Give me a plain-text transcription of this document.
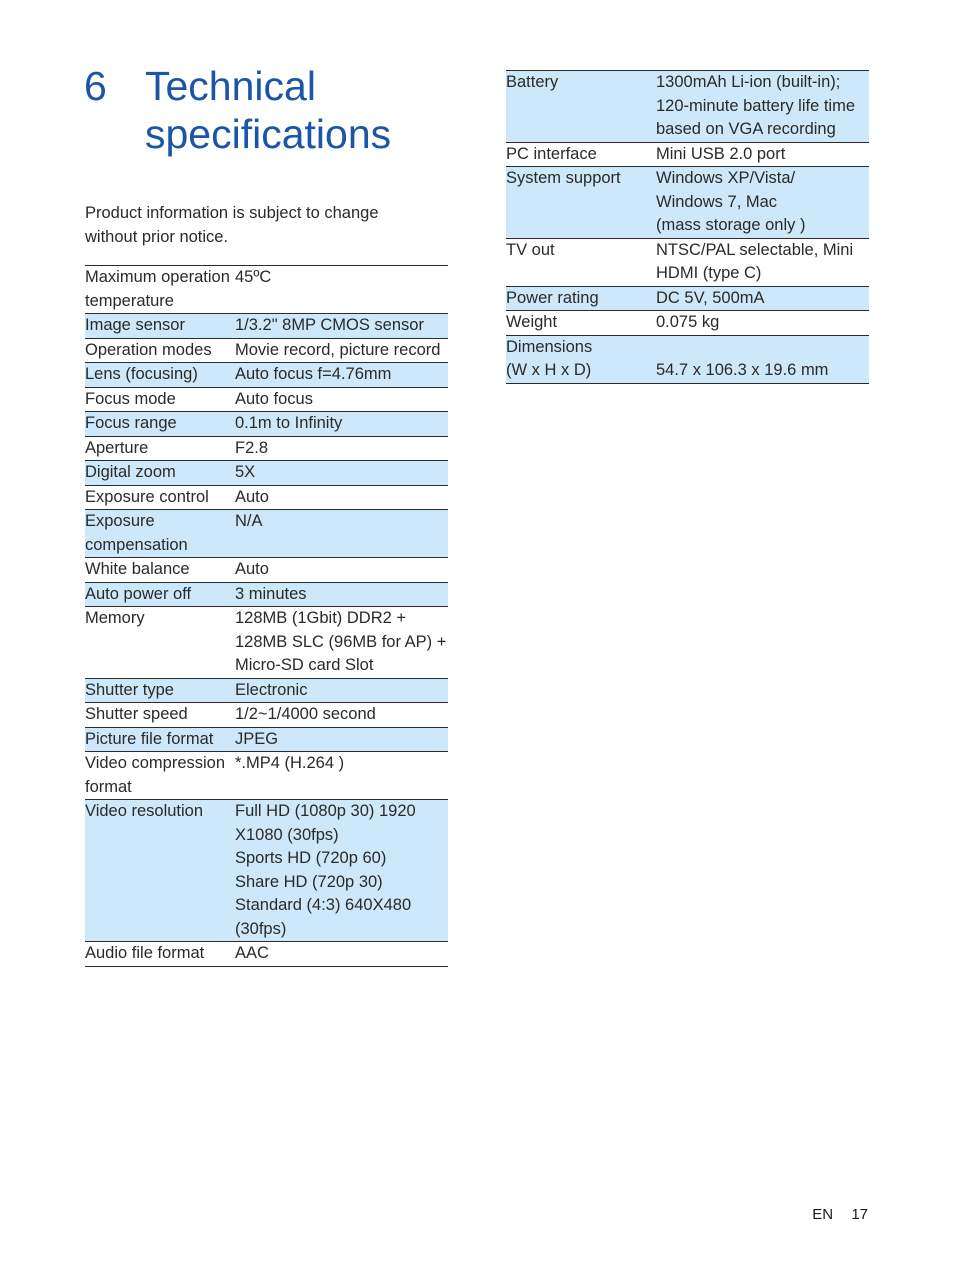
6 Technical specifications
Product information is subject to change without prior notice.
Maximum operation temperature	45ºC
Image sensor	1/3.2" 8MP CMOS sensor
Operation modes	Movie record, picture record
Lens (focusing)	Auto focus f=4.76mm
Focus mode	Auto focus
Focus range	0.1m to Infinity
Aperture	F2.8
Digital zoom	5X
Exposure control	Auto
Exposure compensation	N/A
White balance	Auto
Auto power off	3 minutes
Memory	128MB (1Gbit) DDR2 + 128MB SLC (96MB for AP) + Micro-SD card Slot
Shutter type	Electronic
Shutter speed	1/2~1/4000 second
Picture file format	JPEG
Video compression format	*.MP4 (H.264 )
Video resolution	Full HD (1080p 30) 1920 X1080 (30fps)
Sports HD (720p 60)
Share HD (720p 30)
Standard (4:3) 640X480 (30fps)
Audio file format	AAC
Battery	1300mAh Li-ion (built-in); 120-minute battery life time based on VGA recording
PC interface	Mini USB 2.0 port
System support	Windows XP/Vista/
Windows 7, Mac
(mass storage only )
TV out	NTSC/PAL selectable, Mini HDMI (type C)
Power rating	DC 5V, 500mA
Weight	0.075 kg
Dimensions
(W x H x D)	
54.7 x 106.3 x 19.6 mm
EN 17
